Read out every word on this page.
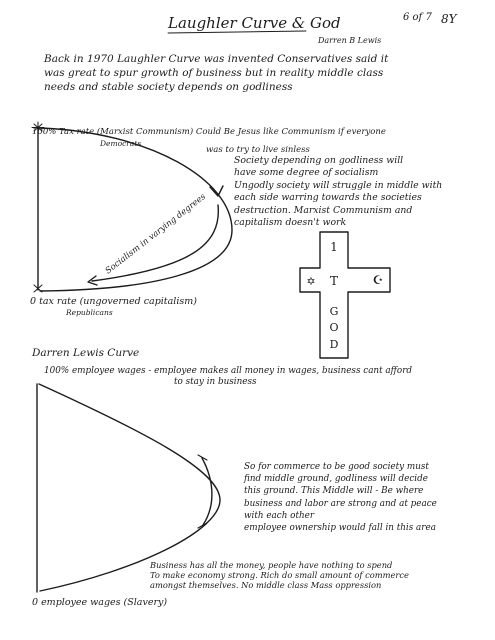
Laughler Curve & God
Darren B Lewis
6 of 7 8Y
Back in 1970 Laughler Curve was invented Conservatives said it
was great to spur growth of business but in reality middle class
needs and stable society depends on godliness
100% Tax rate (Marxist Communism) Could Be Jesus like Communism if everyone
Democrats
was to try to live sinless
Society depending on godliness will
have some degree of socialism
Ungodly society will struggle in middle with
each side warring towards the societies
destruction. Marxist Communism and
capitalism doesn't work
0 tax rate (ungoverned capitalism)
Republicans
Darren Lewis Curve
100% employee wages - employee makes all money in wages, business cant afford
to stay in business
So for commerce to be good society must
find middle ground, godliness will decide
this ground. This Middle will - Be where
business and labor are strong and at peace
with each other
employee ownership would fall in this area
Business has all the money, people have nothing to spend
To make economy strong. Rich do small amount of commerce
amongst themselves. No middle class Mass oppression
0 employee wages (Slavery)
Socialism in varying degrees	1
T
G
O
D
✡	☪
